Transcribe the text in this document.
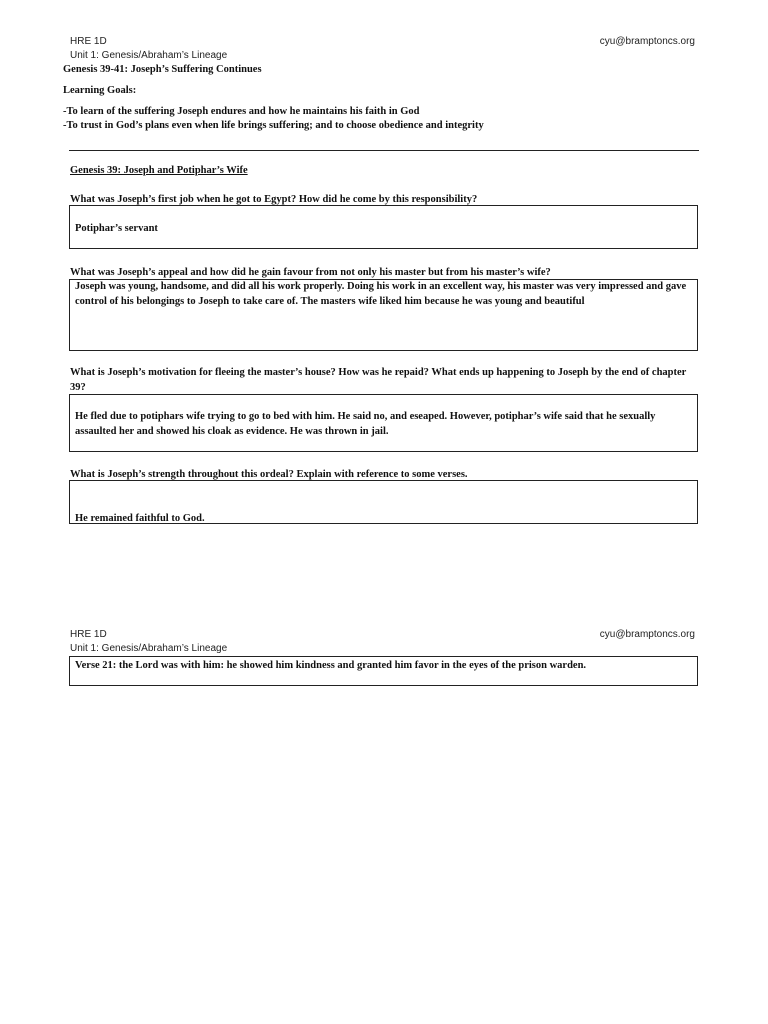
HRE 1D
Unit 1: Genesis/Abraham’s Lineage
cyu@bramptoncs.org
Genesis 39-41: Joseph’s Suffering Continues
Learning Goals:
-To learn of the suffering Joseph endures and how he maintains his faith in God
-To trust in God’s plans even when life brings suffering; and to choose obedience and integrity
Genesis 39: Joseph and Potiphar’s Wife
What was Joseph’s first job when he got to Egypt? How did he come by this responsibility?
Potiphar’s servant
What was Joseph’s appeal and how did he gain favour from not only his master but from his master’s wife?
Joseph was young, handsome, and did all his work properly. Doing his work in an excellent way, his master was very impressed and gave control of his belongings to Joseph to take care of. The masters wife liked him because he was young and beautiful
What is Joseph’s motivation for fleeing the master’s house? How was he repaid? What ends up happening to Joseph by the end of chapter 39?
He fled due to potiphars wife trying to go to bed with him. He said no, and eseaped. However, potiphar’s wife said that he sexually assaulted her and showed his cloak as evidence. He was thrown in jail.
What is Joseph’s strength throughout this ordeal? Explain with reference to some verses.
He remained faithful to God.
HRE 1D
Unit 1: Genesis/Abraham’s Lineage
cyu@bramptoncs.org
Verse 21: the Lord was with him: he showed him kindness and granted him favor in the eyes of the prison warden.
